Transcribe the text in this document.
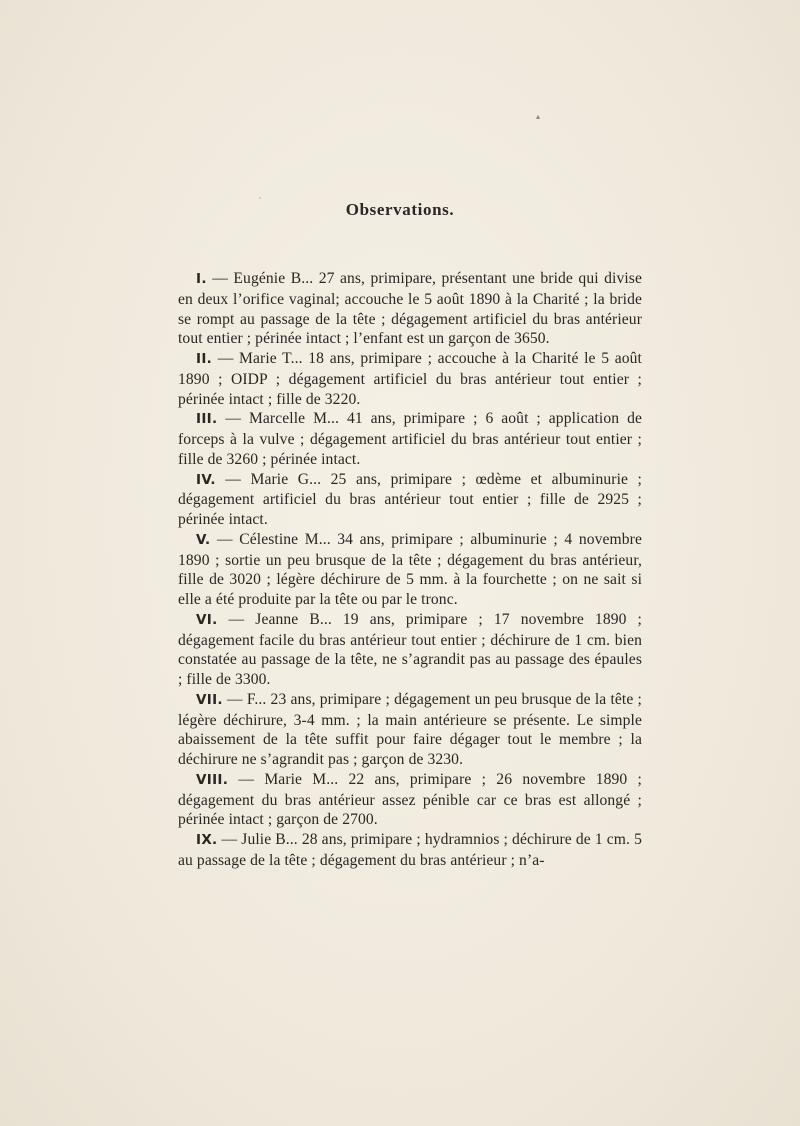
▴
'	Observations.

I. — Eugénie B... 27 ans, primipare, présentant une bride qui divise en deux l’orifice vaginal; accouche le 5 août 1890 à la Charité ; la bride se rompt au passage de la tête ; dégagement artificiel du bras antérieur tout entier ; périnée intact ; l’enfant est un garçon de 3650.

II. — Marie T... 18 ans, primipare ; accouche à la Charité le 5 août 1890 ; OIDP ; dégagement artificiel du bras antérieur tout entier ; périnée intact ; fille de 3220.

III. — Marcelle M... 41 ans, primipare ; 6 août ; application de forceps à la vulve ; dégagement artificiel du bras antérieur tout entier ; fille de 3260 ; périnée intact.

IV. — Marie G... 25 ans, primipare ; œdème et albuminurie ; dégagement artificiel du bras antérieur tout entier ; fille de 2925 ; périnée intact.

V. — Célestine M... 34 ans, primipare ; albuminurie ; 4 novembre 1890 ; sortie un peu brusque de la tête ; dégagement du bras antérieur, fille de 3020 ; légère déchirure de 5 mm. à la fourchette ; on ne sait si elle a été produite par la tête ou par le tronc.

VI. — Jeanne B... 19 ans, primipare ; 17 novembre 1890 ; dégagement facile du bras antérieur tout entier ; déchirure de 1 cm. bien constatée au passage de la tête, ne s’agrandit pas au passage des épaules ; fille de 3300.

VII. — F... 23 ans, primipare ; dégagement un peu brusque de la tête ; légère déchirure, 3-4 mm. ; la main antérieure se présente. Le simple abaissement de la tête suffit pour faire dégager tout le membre ; la déchirure ne s’agrandit pas ; garçon de 3230.

VIII. — Marie M... 22 ans, primipare ; 26 novembre 1890 ; dégagement du bras antérieur assez pénible car ce bras est allongé ; périnée intact ; garçon de 2700.

IX. — Julie B... 28 ans, primipare ; hydramnios ; déchirure de 1 cm. 5 au passage de la tête ; dégagement du bras antérieur ; n’a-
